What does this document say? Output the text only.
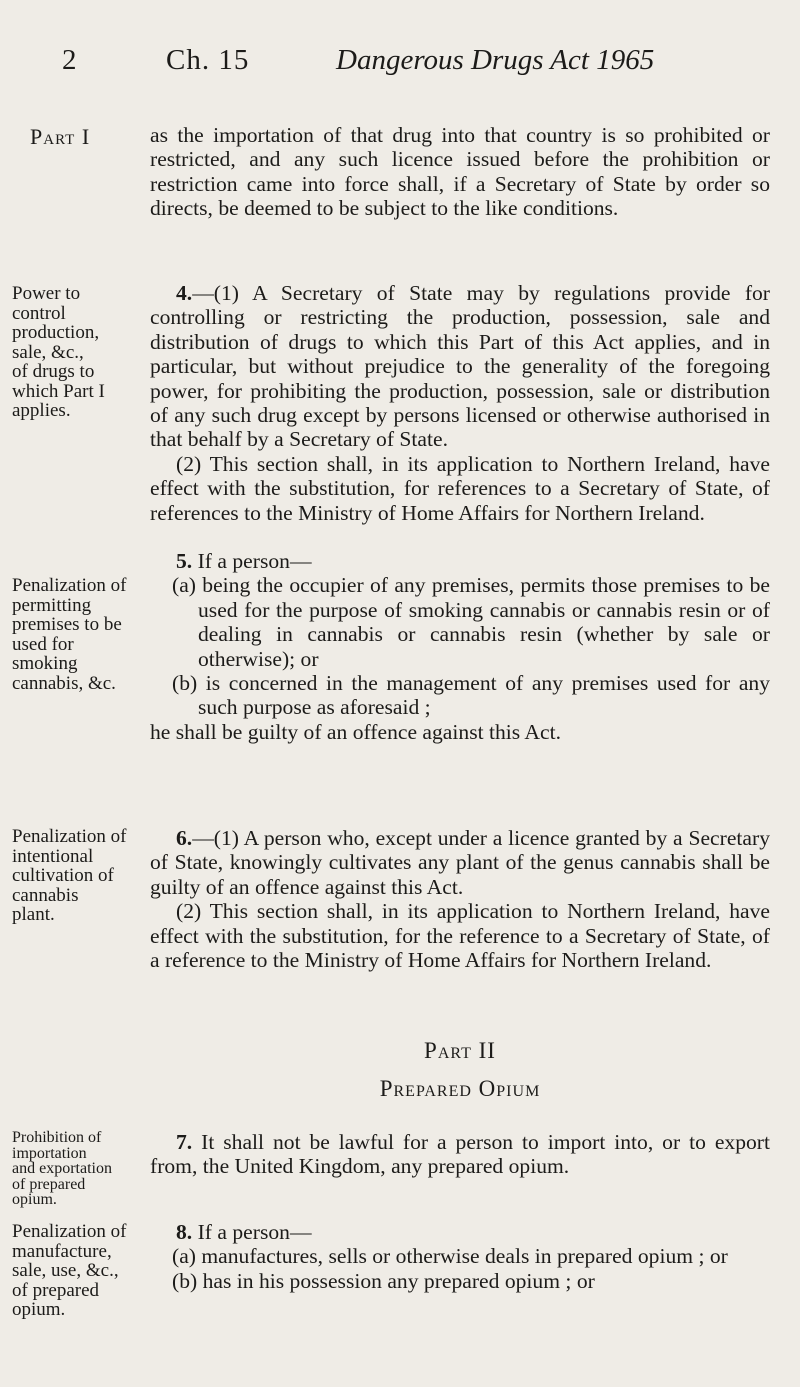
2	Ch. 15	Dangerous Drugs Act 1965

Part I

Power to

control

production,

sale, &c.,

of drugs to

which Part I

applies.

Penalization of

permitting

premises to be

used for

smoking

cannabis, &c.

Penalization of

intentional

cultivation of

cannabis

plant.

Prohibition of

importation

and exportation

of prepared

opium.

Penalization of

manufacture,

sale, use, &c.,

of prepared

opium.

as the importation of that drug into that country is so prohibited or restricted, and any such licence issued before the prohibition or restriction came into force shall, if a Secretary of State by order so directs, be deemed to be subject to the like conditions.

4.—(1) A Secretary of State may by regulations provide for controlling or restricting the production, possession, sale and distribution of drugs to which this Part of this Act applies, and in particular, but without prejudice to the generality of the foregoing power, for prohibiting the production, possession, sale or distribution of any such drug except by persons licensed or otherwise authorised in that behalf by a Secretary of State.

(2) This section shall, in its application to Northern Ireland, have effect with the substitution, for references to a Secretary of State, of references to the Ministry of Home Affairs for Northern Ireland.

5. If a person—

(a) being the occupier of any premises, permits those premises to be used for the purpose of smoking cannabis or cannabis resin or of dealing in cannabis or cannabis resin (whether by sale or otherwise); or

(b) is concerned in the management of any premises used for any such purpose as aforesaid ;

he shall be guilty of an offence against this Act.

6.—(1) A person who, except under a licence granted by a Secretary of State, knowingly cultivates any plant of the genus cannabis shall be guilty of an offence against this Act.

(2) This section shall, in its application to Northern Ireland, have effect with the substitution, for the reference to a Secretary of State, of a reference to the Ministry of Home Affairs for Northern Ireland.

Part II
Prepared Opium

7. It shall not be lawful for a person to import into, or to export from, the United Kingdom, any prepared opium.

8. If a person—

(a) manufactures, sells or otherwise deals in prepared opium ; or

(b) has in his possession any prepared opium ; or
